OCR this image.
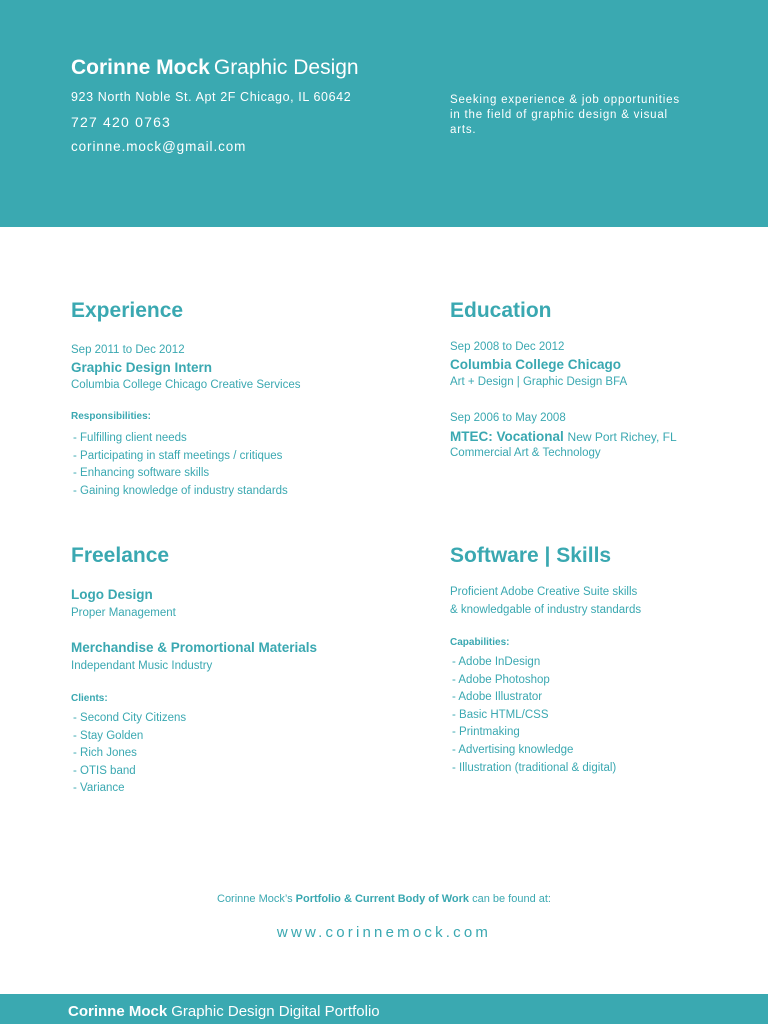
Corinne Mock Graphic Design
923 North Noble St. Apt 2F Chicago, IL 60642
727 420 0763
corinne.mock@gmail.com
Seeking experience & job opportunities in the field of graphic design & visual arts.
Experience
Sep 2011 to Dec 2012
Graphic Design Intern
Columbia College Chicago Creative Services
Responsibilities:
- Fulfilling client needs
- Participating in staff meetings / critiques
- Enhancing software skills
- Gaining knowledge of industry standards
Education
Sep 2008 to Dec 2012
Columbia College Chicago
Art + Design | Graphic Design BFA
Sep 2006 to May 2008
MTEC: Vocational New Port Richey, FL
Commercial Art & Technology
Freelance
Logo Design
Proper Management
Merchandise & Promortional Materials
Independant Music Industry
Clients:
- Second City Citizens
- Stay Golden
- Rich Jones
- OTIS band
- Variance
Software | Skills
Proficient Adobe Creative Suite skills
& knowledgable of industry standards
Capabilities:
- Adobe InDesign
- Adobe Photoshop
- Adobe Illustrator
- Basic HTML/CSS
- Printmaking
- Advertising knowledge
- Illustration (traditional & digital)
Corinne Mock’s Portfolio & Current Body of Work can be found at:
www.corinnemock.com
Corinne Mock Graphic Design Digital Portfolio
